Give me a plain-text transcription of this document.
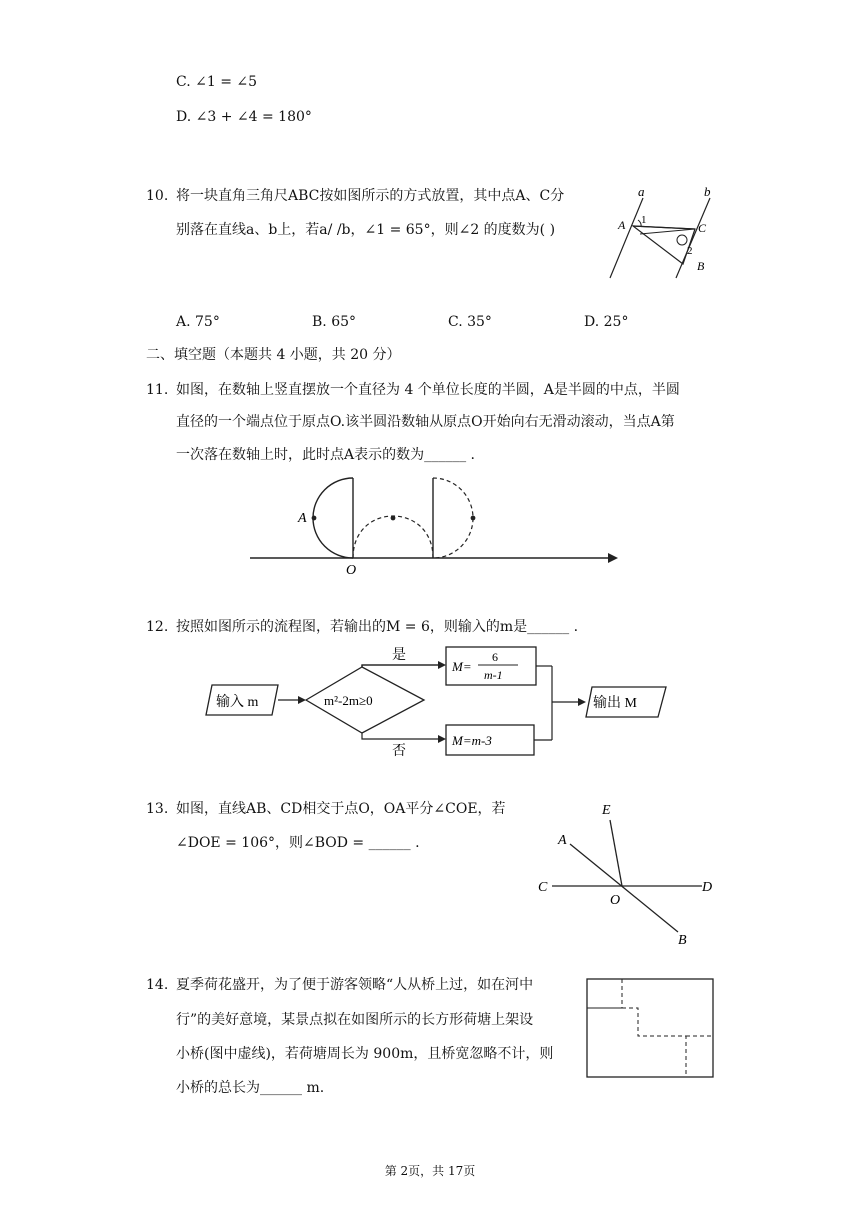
C. ∠1 = ∠5
D. ∠3 + ∠4 = 180°
10. 将一块直角三角尺ABC按如图所示的方式放置，其中点A、C分
别落在直线a、b上，若a/ /b，∠1 = 65°，则∠2 的度数为( )
a	b
A 1
C
2
B
A. 75°	B. 65°	C. 35°	D. 25°
二、填空题（本题共 4 小题，共 20 分）
11. 如图，在数轴上竖直摆放一个直径为 4 个单位长度的半圆，A是半圆的中点，半圆
直径的一个端点位于原点O.该半圆沿数轴从原点O开始向右无滑动滚动，当点A第
一次落在数轴上时，此时点A表示的数为______ .
A
O
12. 按照如图所示的流程图，若输出的M = 6，则输入的m是______ .
输入 m	m²-2m≥0
是
M=
6
m-1
否
M=m-3
输出 M
13. 如图，直线AB、CD相交于点O，OA平分∠COE，若
∠DOE = 106°，则∠BOD = ______ .
E
A
C	D
O
B
14. 夏季荷花盛开，为了便于游客领略“人从桥上过，如在河中
行”的美好意境，某景点拟在如图所示的长方形荷塘上架设
小桥(图中虚线)，若荷塘周长为 900m，且桥宽忽略不计，则
小桥的总长为______ m.
第 2页，共 17页
